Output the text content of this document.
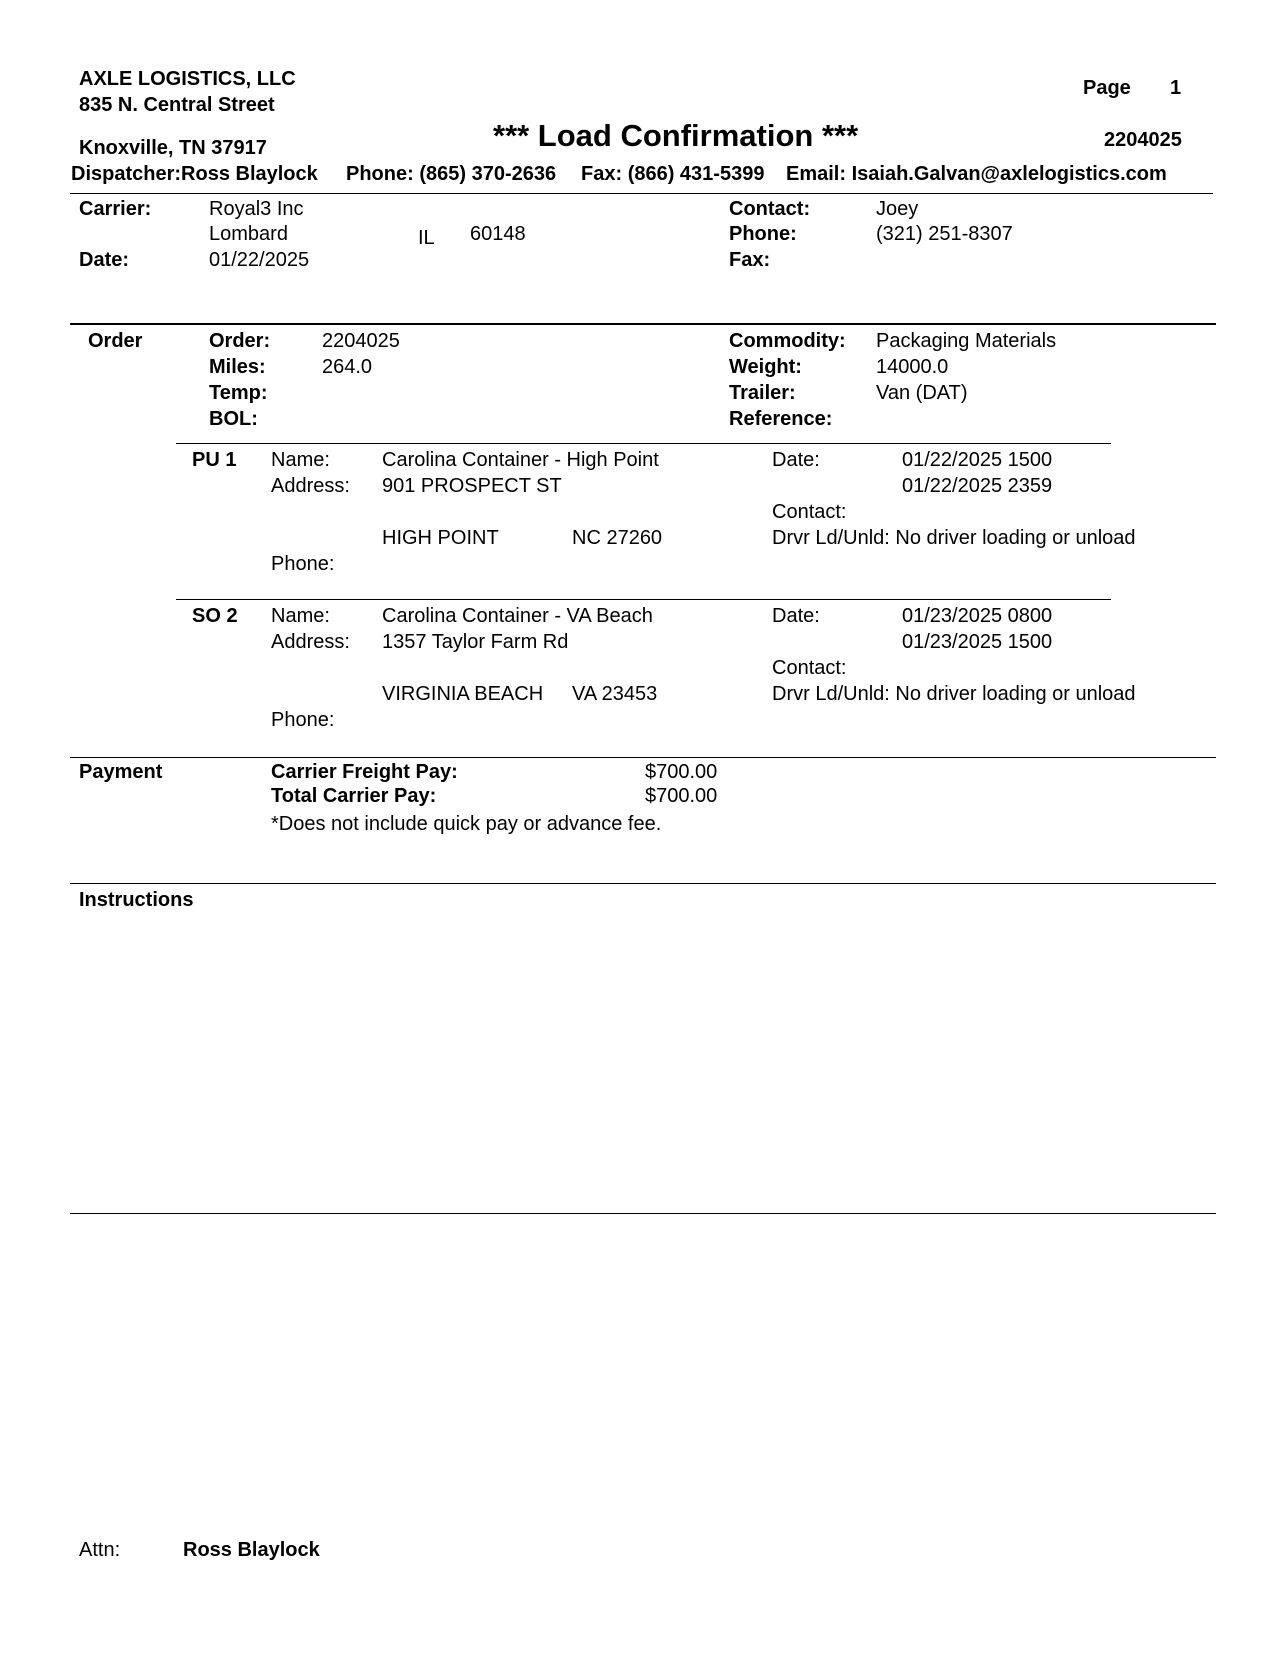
AXLE LOGISTICS, LLC
835 N. Central Street
Knoxville, TN 37917
Page 1
*** Load Confirmation ***	2204025
Dispatcher:Ross Blaylock Phone: (865) 370-2636 Fax: (866) 431-5399 Email: Isaiah.Galvan@axlelogistics.com
Carrier:	Royal3 Inc
Lombard	IL 60148
Date:	01/22/2025
Contact:	Joey
Phone:	(321) 251-8307
Fax:
Order	Order:	2204025
Miles:	264.0
Temp:
BOL:
Commodity: Packaging Materials
Weight:	14000.0
Trailer:	Van (DAT)
Reference:
PU 1 Name:	Carolina Container - High Point
Address: 901 PROSPECT ST
HIGH POINT	NC 27260
Phone:
Date:	01/22/2025 1500
01/22/2025 2359
Contact:
Drvr Ld/Unld: No driver loading or unload
SO 2 Name:	Carolina Container - VA Beach
Address: 1357 Taylor Farm Rd
VIRGINIA BEACH VA 23453
Phone:
Date:	01/23/2025 0800
01/23/2025 1500
Contact:
Drvr Ld/Unld: No driver loading or unload
Payment	Carrier Freight Pay:	$700.00
Total Carrier Pay:	$700.00
*Does not include quick pay or advance fee.
Instructions
Attn:	Ross Blaylock
